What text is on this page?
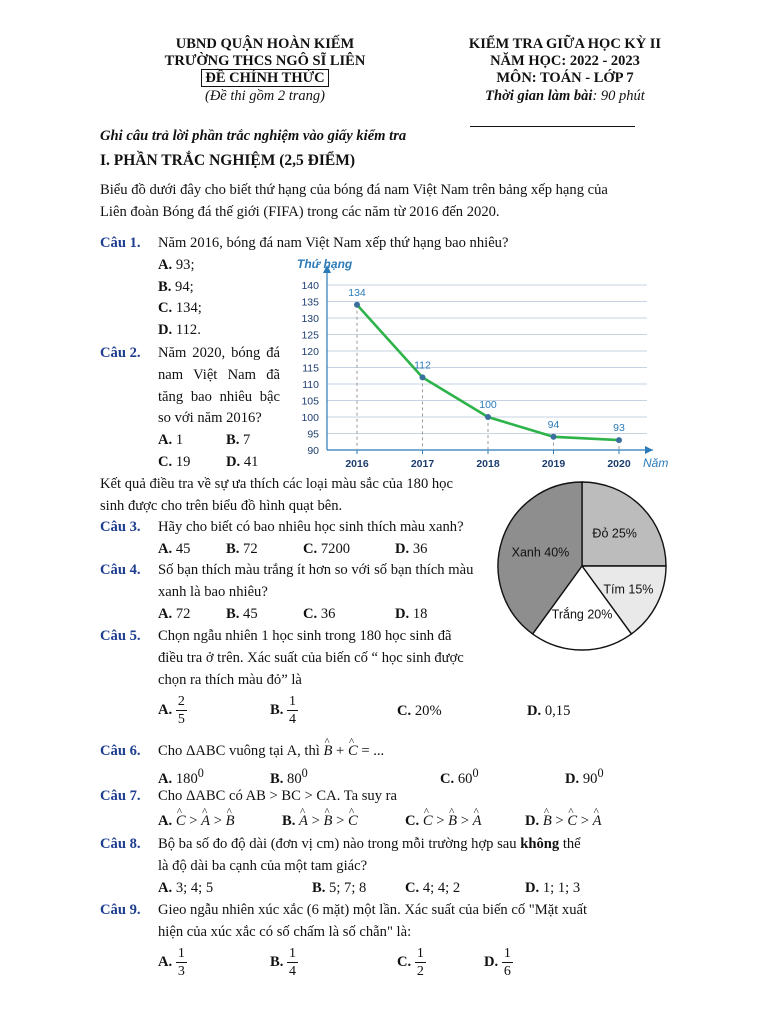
UBND QUẬN HOÀN KIẾM
TRƯỜNG THCS NGÔ SĨ LIÊN
ĐỀ CHÍNH THỨC
(Đề thi gồm 2 trang)
KIỂM TRA GIỮA HỌC KỲ II
NĂM HỌC: 2022 - 2023
MÔN: TOÁN - LỚP 7
Thời gian làm bài: 90 phút
Ghi câu trả lời phần trắc nghiệm vào giấy kiểm tra
I. PHẦN TRẮC NGHIỆM (2,5 ĐIỂM)
Biểu đồ dưới đây cho biết thứ hạng của bóng đá nam Việt Nam trên bảng xếp hạng của
Liên đoàn Bóng đá thế giới (FIFA) trong các năm từ 2016 đến 2020.
Câu 1. Năm 2016, bóng đá nam Việt Nam xếp thứ hạng bao nhiêu?
A. 93;
B. 94;
C. 134;
D. 112.
Câu 2. Năm 2020, bóng đá
nam Việt Nam đã
tăng bao nhiêu bậc
so với năm 2016?
A. 1	B. 7
C. 19 D. 41
90
95
100
105
110
115
120
125
130
135
140
2016	2017	2018	2019	2020
134
112
100
94	93
Thứ hạng
Năm
Kết quả điều tra về sự ưa thích các loại màu sắc của 180 học
sinh được cho trên biểu đồ hình quạt bên.
Đỏ 25%
Tím 15%
Trắng 20%
Xanh 40%
Câu 3. Hãy cho biết có bao nhiêu học sinh thích màu xanh?
A. 45 B. 72	C. 7200	D. 36
Câu 4. Số bạn thích màu trắng ít hơn so với số bạn thích màu
xanh là bao nhiêu?
A. 72 B. 45	C. 36	D. 18
Câu 5. Chọn ngẫu nhiên 1 học sinh trong 180 học sinh đã
điều tra ở trên. Xác suất của biến cố “ học sinh được
chọn ra thích màu đỏ” là
A. $\frac{2}{5}$	B. $\frac{1}{4}$	C. 20%	D. 0,15
Câu 6. Cho ΔABC vuông tại A, thì ^ B + ^ C = ...
A. $180^0$	B. $80^0$	C. $60^0$	D. $90^0$
Câu 7. Cho ΔABC có AB > BC > CA. Ta suy ra
A. ^ C > ^ A > ^ B	B. ^ A > ^ B > ^ C	C. ^ C > ^ B > ^ A	D. ^ B > ^ C > ^ A
Câu 8. Bộ ba số đo độ dài (đơn vị cm) nào trong mỗi trường hợp sau không thể
là độ dài ba cạnh của một tam giác?
A. 3; 4; 5	B. 5; 7; 8	C. 4; 4; 2	D. 1; 1; 3
Câu 9. Gieo ngẫu nhiên xúc xắc (6 mặt) một lần. Xác suất của biến cố "Mặt xuất
hiện của xúc xắc có số chấm là số chẵn" là:
A. $\frac{1}{3}$	B. $\frac{1}{4}$	C. $\frac{1}{2}$	D. $\frac{1}{6}$
